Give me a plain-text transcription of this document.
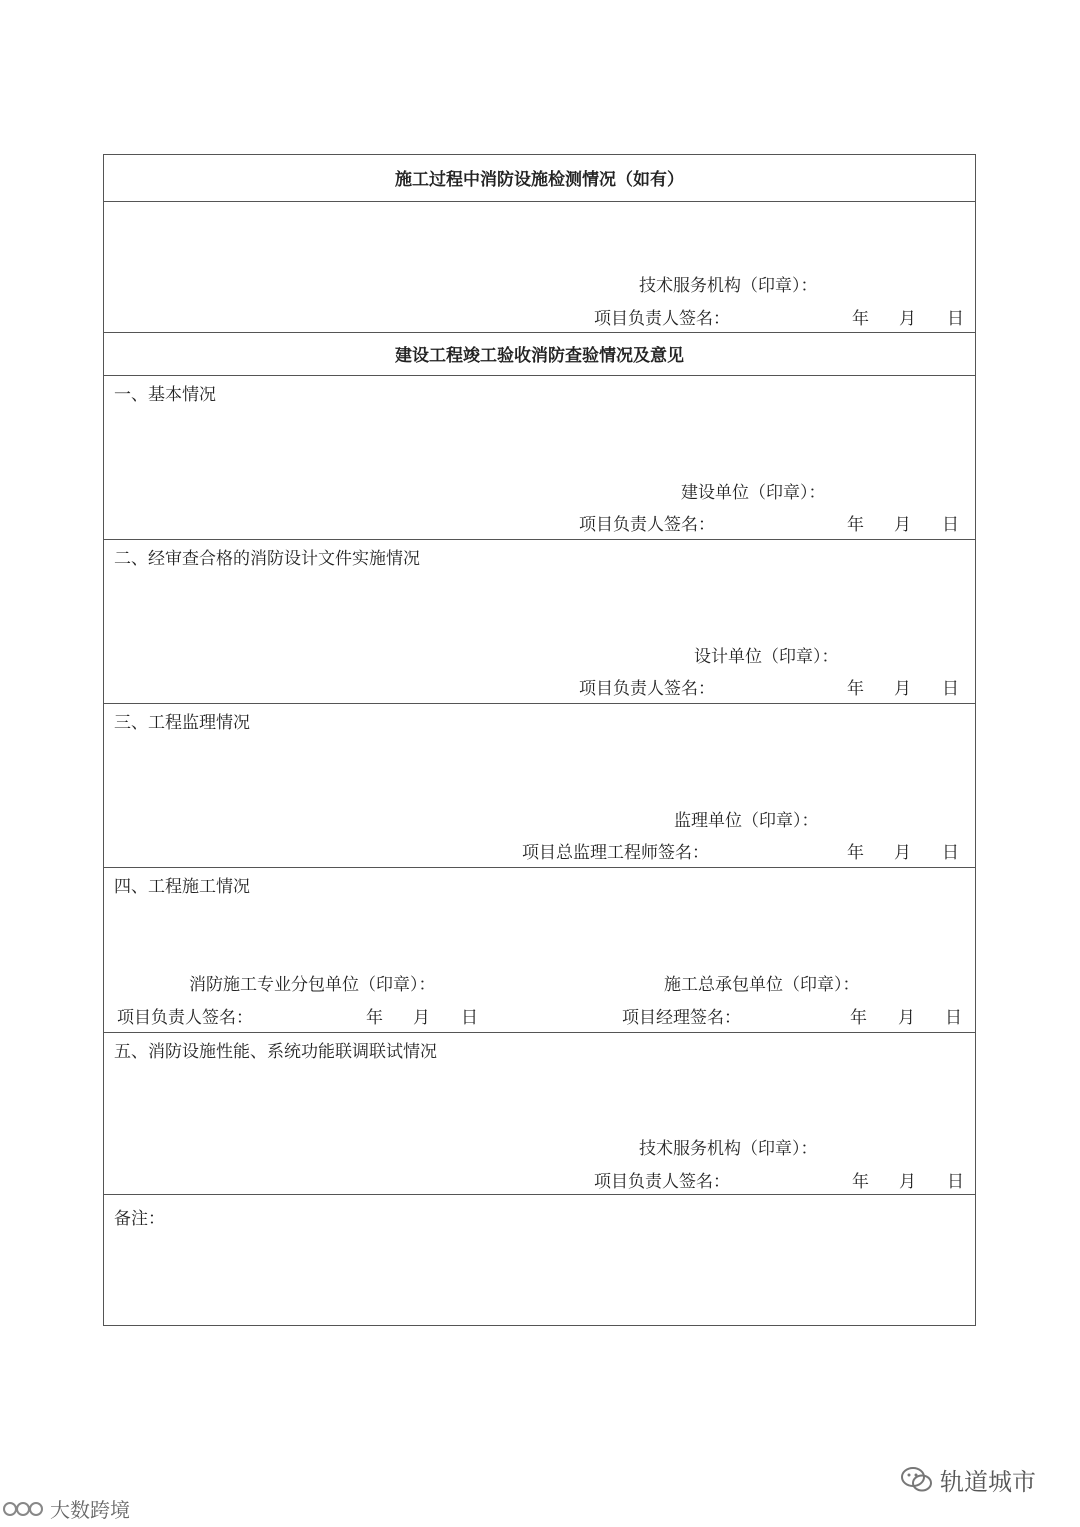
施工过程中消防设施检测情况（如有）
技术服务机构（印章）：
项目负责人签名：	年 月 日
建设工程竣工验收消防查验情况及意见
一、基本情况
建设单位（印章）：
项目负责人签名：	年 月 日
二、经审查合格的消防设计文件实施情况
设计单位（印章）：
项目负责人签名：	年 月 日
三、工程监理情况
监理单位（印章）：
项目总监理工程师签名：	年 月 日
四、工程施工情况
消防施工专业分包单位（印章）：
项目负责人签名：	年 月 日
施工总承包单位（印章）：
项目经理签名：	年 月 日
五、消防设施性能、系统功能联调联试情况
技术服务机构（印章）：
项目负责人签名：	年 月 日
备注：
轨道城市
大数跨境
